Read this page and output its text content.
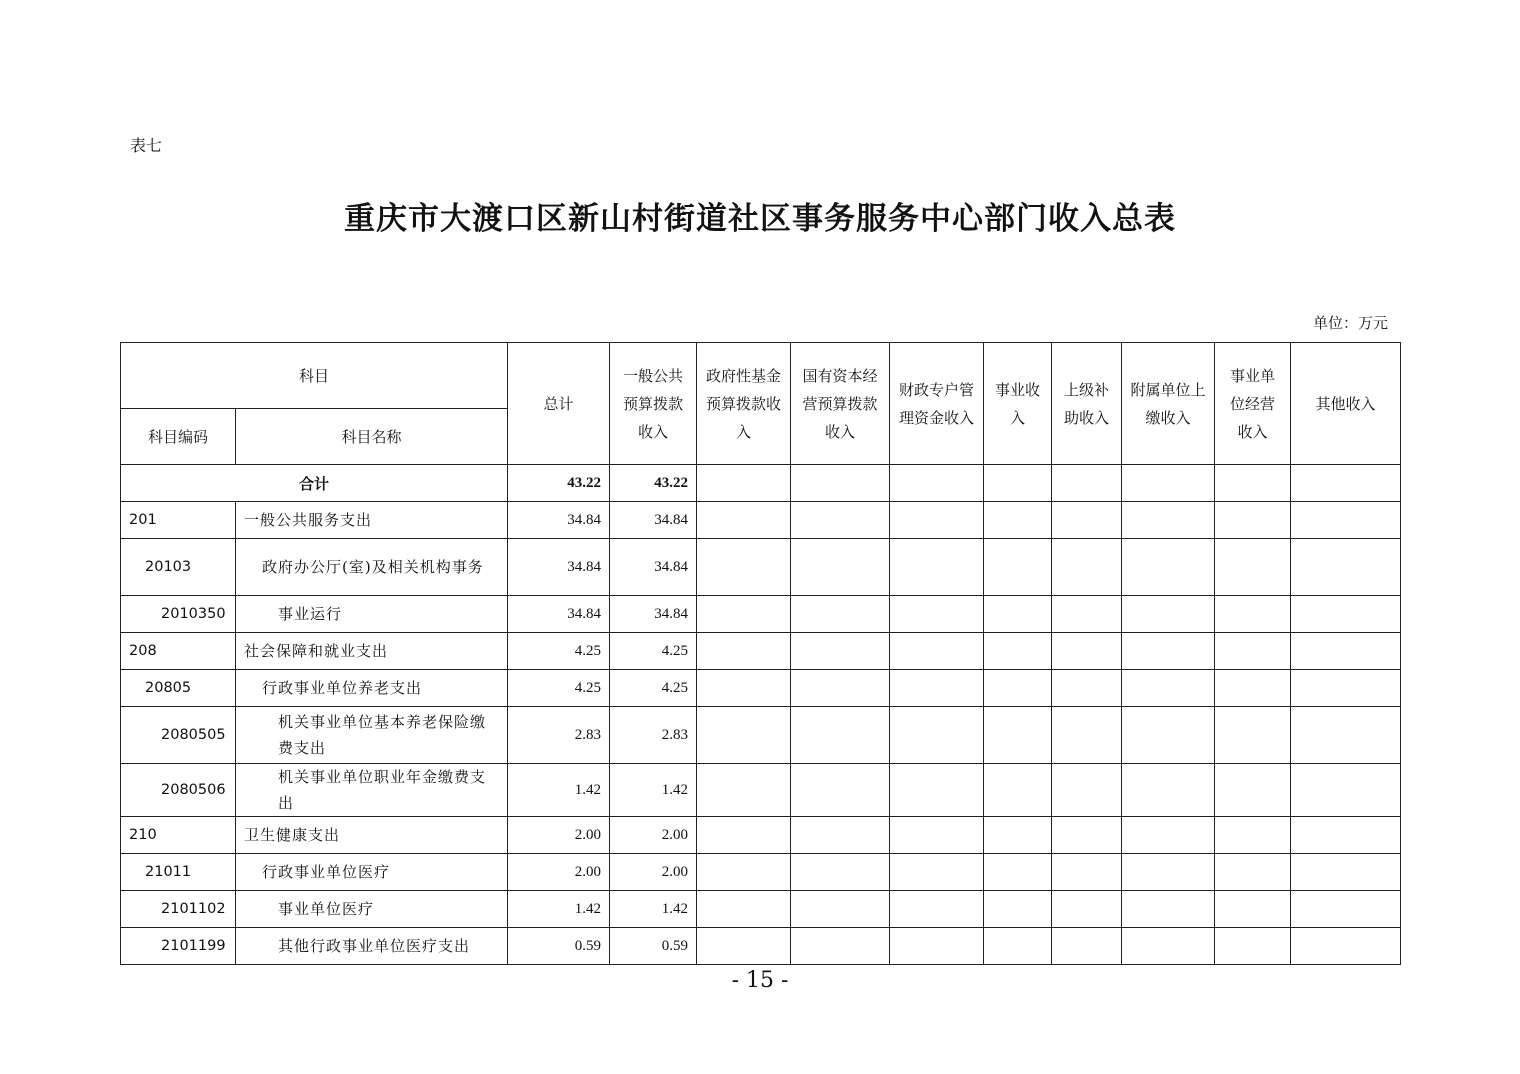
表七
重庆市大渡口区新山村街道社区事务服务中心部门收入总表
单位：万元
科目		总计	一般公共预算拨款收入	政府性基金预算拨款收入	国有资本经营预算拨款收入	财政专户管理资金收入	事业收入	上级补助收入	附属单位上缴收入	事业单位经营收入	其他收入
科目编码	科目名称										
合计		43.22	43.22								
201	一般公共服务支出	34.84	34.84								
20103	政府办公厅(室)及相关机构事务	34.84	34.84								
2010350	事业运行	34.84	34.84								
208	社会保障和就业支出	4.25	4.25								
20805	行政事业单位养老支出	4.25	4.25								
2080505	机关事业单位基本养老保险缴费支出	2.83	2.83								
2080506	机关事业单位职业年金缴费支出	1.42	1.42								
210	卫生健康支出	2.00	2.00								
21011	行政事业单位医疗	2.00	2.00								
2101102	事业单位医疗	1.42	1.42								
2101199	其他行政事业单位医疗支出	0.59	0.59								
- 15 -
